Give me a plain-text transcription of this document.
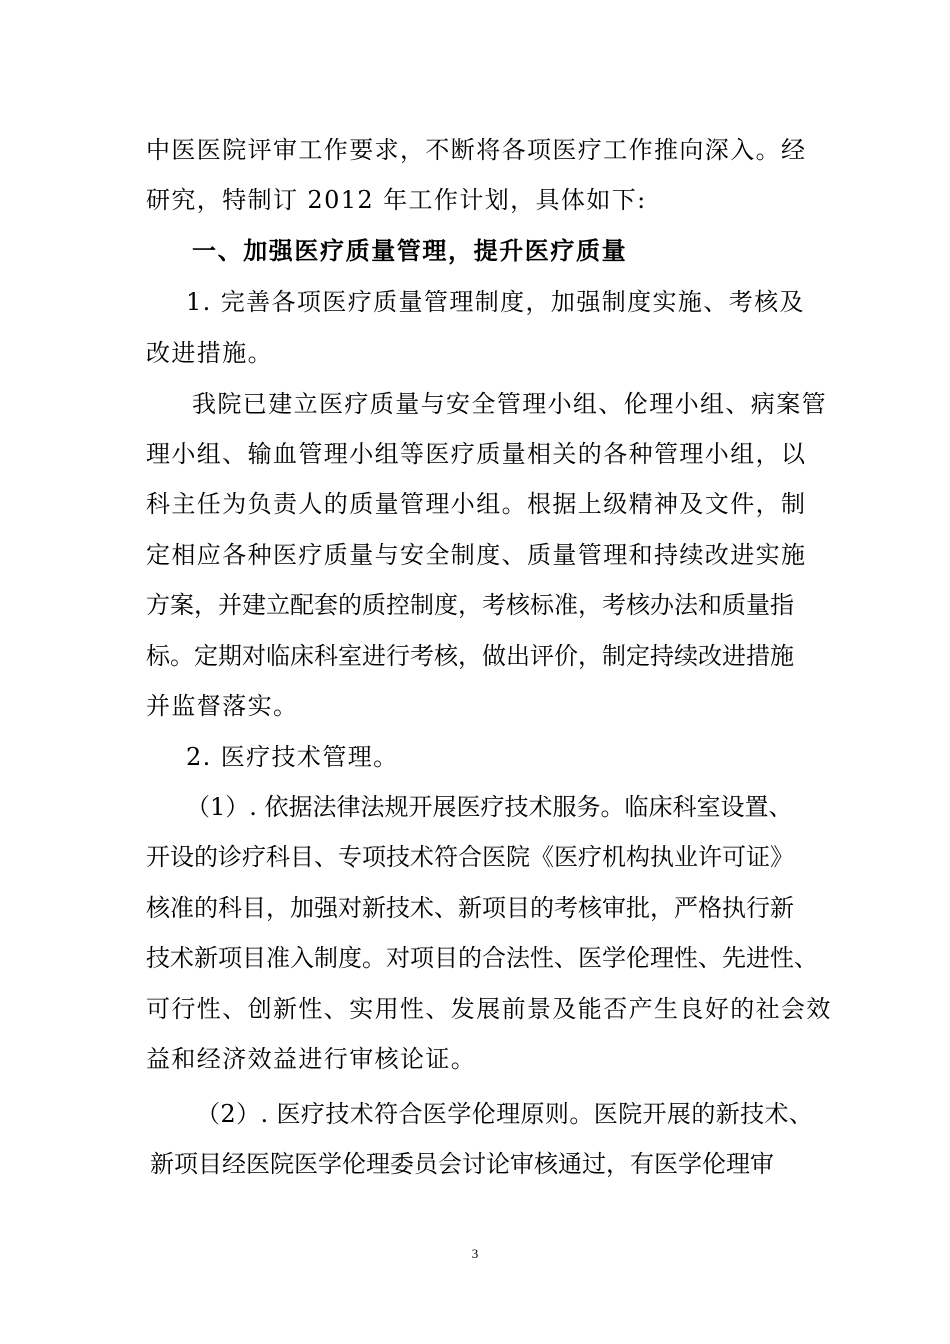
中医医院评审工作要求，不断将各项医疗工作推向深入。经
研究，特制订 2012 年工作计划，具体如下:
一、加强医疗质量管理，提升医疗质量
1. 完善各项医疗质量管理制度，加强制度实施、考核及
改进措施。
我院已建立医疗质量与安全管理小组、伦理小组、病案管
理小组、输血管理小组等医疗质量相关的各种管理小组，以
科主任为负责人的质量管理小组。根据上级精神及文件，制
定相应各种医疗质量与安全制度、质量管理和持续改进实施
方案，并建立配套的质控制度，考核标准，考核办法和质量指
标。定期对临床科室进行考核，做出评价，制定持续改进措施
并监督落实。
2. 医疗技术管理。
（1）. 依据法律法规开展医疗技术服务。临床科室设置、
开设的诊疗科目、专项技术符合医院《医疗机构执业许可证》
核准的科目，加强对新技术、新项目的考核审批，严格执行新
技术新项目准入制度。对项目的合法性、医学伦理性、先进性、
可行性、创新性、实用性、发展前景及能否产生良好的社会效
益和经济效益进行审核论证。
（2）. 医疗技术符合医学伦理原则。医院开展的新技术、
新项目经医院医学伦理委员会讨论审核通过，有医学伦理审
3
